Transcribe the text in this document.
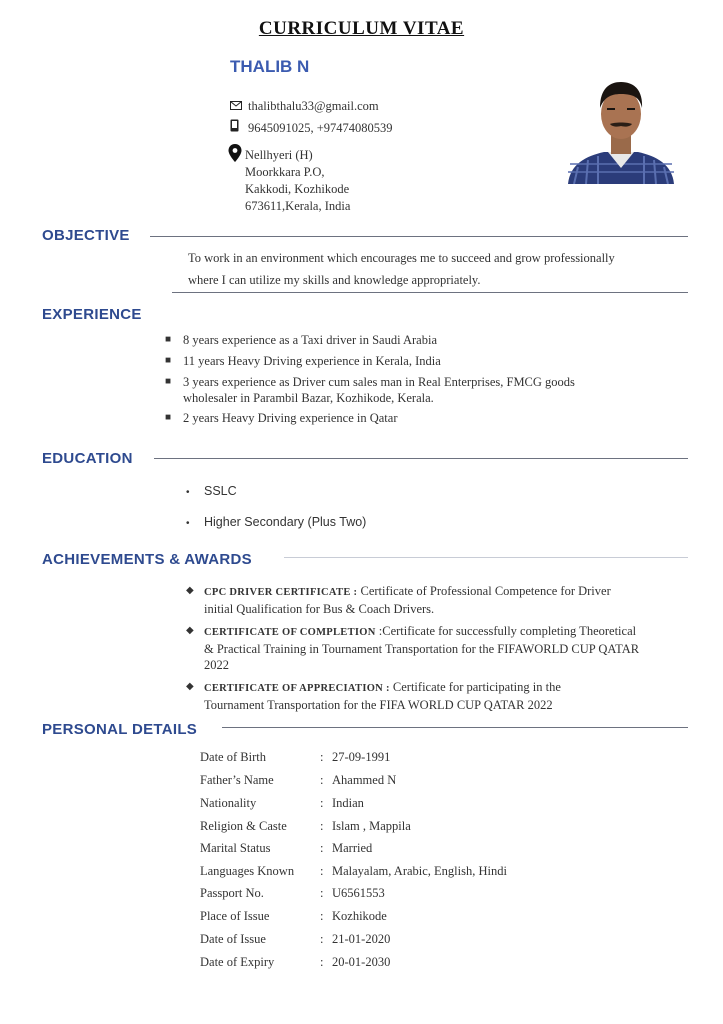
CURRICULUM VITAE
THALIB N
thalibthalu33@gmail.com
9645091025, +97474080539
Nellhyeri (H)
Moorkkara P.O,
Kakkodi, Kozhikode
673611,Kerala, India
OBJECTIVE
To work in an environment which encourages me to succeed and grow professionally
where I can utilize my skills and knowledge appropriately.
EXPERIENCE
■ 8 years experience as a Taxi driver in Saudi Arabia
■ 11 years Heavy Driving experience in Kerala, India
■ 3 years experience as Driver cum sales man in Real Enterprises, FMCG goods
wholesaler in Parambil Bazar, Kozhikode, Kerala.
■ 2 years Heavy Driving experience in Qatar
EDUCATION
• SSLC
• Higher Secondary (Plus Two)
ACHIEVEMENTS & AWARDS
◆ CPC DRIVER CERTIFICATE : Certificate of Professional Competence for Driver
initial Qualification for Bus & Coach Drivers.
◆ CERTIFICATE OF COMPLETION :Certificate for successfully completing Theoretical
& Practical Training in Tournament Transportation for the FIFAWORLD CUP QATAR
2022
◆ CERTIFICATE OF APPRECIATION : Certificate for participating in the
Tournament Transportation for the FIFA WORLD CUP QATAR 2022
PERSONAL DETAILS
Date of Birth	: 27-09-1991
Father’s Name	: Ahammed N
Nationality	: Indian
Religion & Caste	: Islam , Mappila
Marital Status	: Married
Languages Known	: Malayalam, Arabic, English, Hindi
Passport No.	: U6561553
Place of Issue	: Kozhikode
Date of Issue	: 21-01-2020
Date of Expiry	: 20-01-2030
